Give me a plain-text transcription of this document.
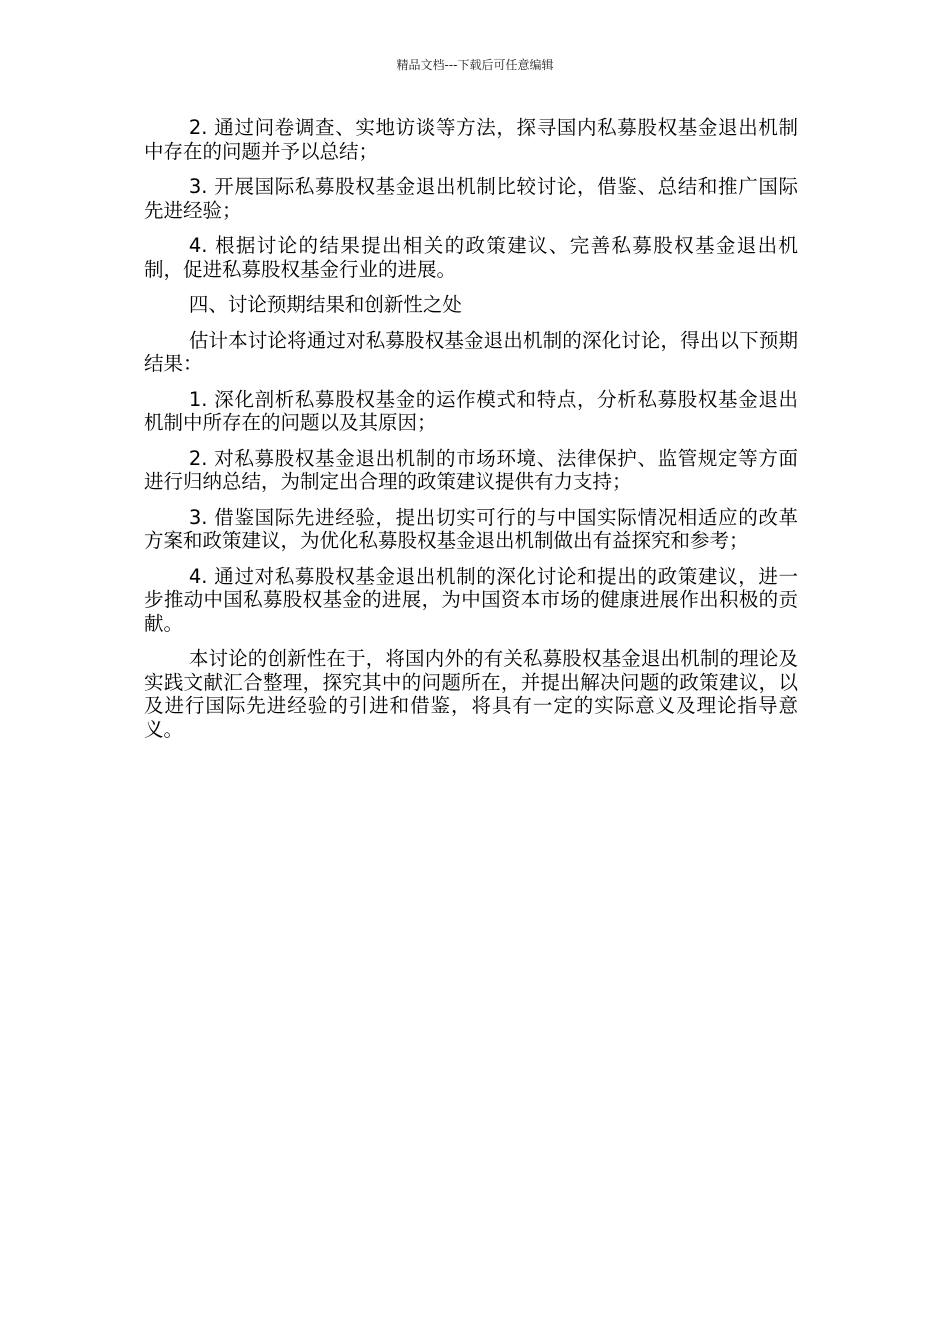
精品文档---下载后可任意编辑

2. 通过问卷调查、实地访谈等方法，探寻国内私募股权基金退出机制中存在的问题并予以总结；

3. 开展国际私募股权基金退出机制比较讨论，借鉴、总结和推广国际先进经验；

4. 根据讨论的结果提出相关的政策建议、完善私募股权基金退出机制，促进私募股权基金行业的进展。

四、讨论预期结果和创新性之处

估计本讨论将通过对私募股权基金退出机制的深化讨论，得出以下预期结果：

1. 深化剖析私募股权基金的运作模式和特点，分析私募股权基金退出机制中所存在的问题以及其原因；

2. 对私募股权基金退出机制的市场环境、法律保护、监管规定等方面进行归纳总结，为制定出合理的政策建议提供有力支持；

3. 借鉴国际先进经验，提出切实可行的与中国实际情况相适应的改革方案和政策建议，为优化私募股权基金退出机制做出有益探究和参考；

4. 通过对私募股权基金退出机制的深化讨论和提出的政策建议，进一步推动中国私募股权基金的进展，为中国资本市场的健康进展作出积极的贡献。

本讨论的创新性在于，将国内外的有关私募股权基金退出机制的理论及实践文献汇合整理，探究其中的问题所在，并提出解决问题的政策建议，以及进行国际先进经验的引进和借鉴，将具有一定的实际意义及理论指导意义。
